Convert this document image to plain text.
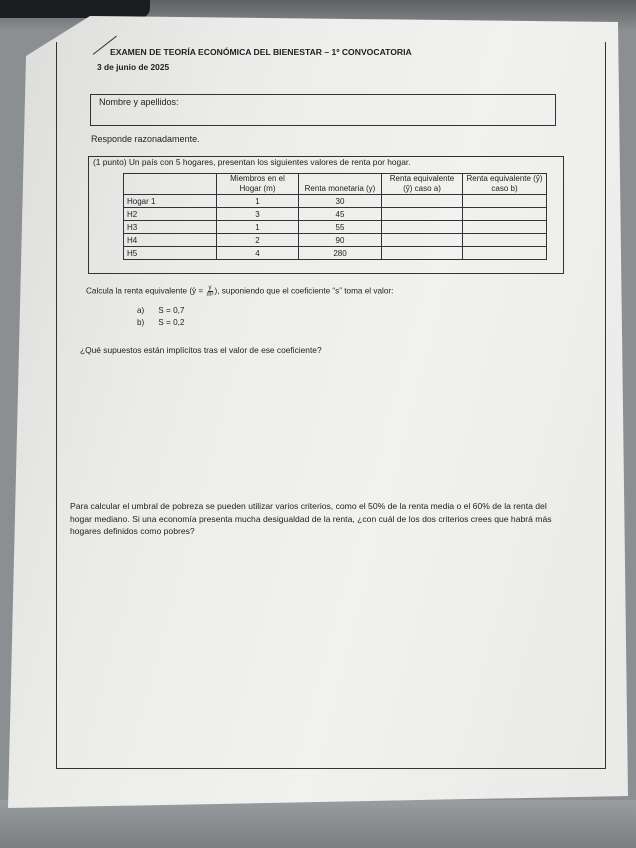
EXAMEN DE TEORÍA ECONÓMICA DEL BIENESTAR – 1º CONVOCATORIA
3 de junio de 2025
Nombre y apellidos:
Responde razonadamente.
(1 punto) Un país con 5 hogares, presentan los siguientes valores de renta por hogar.
	Miembros en el Hogar (m)	Renta monetaria (y)	Renta equivalente (ŷ) caso a)	Renta equivalente (ŷ) caso b)
Hogar 1	1	30		
H2	3	45		
H3	1	55		
H4	2	90		
H5	4	280		
Calcula la renta equivalente (ŷ = $\frac{y}{\text{mˢ}}$ ), suponiendo que el coeficiente “s” toma el valor:
a) S = 0,7
b) S = 0,2
¿Qué supuestos están implícitos tras el valor de ese coeficiente?
Para calcular el umbral de pobreza se pueden utilizar varios criterios, como el 50% de la renta media o el 60% de la renta del hogar mediano. Si una economía presenta mucha desigualdad de la renta, ¿con cuál de los dos criterios crees que habrá más hogares definidos como pobres?
